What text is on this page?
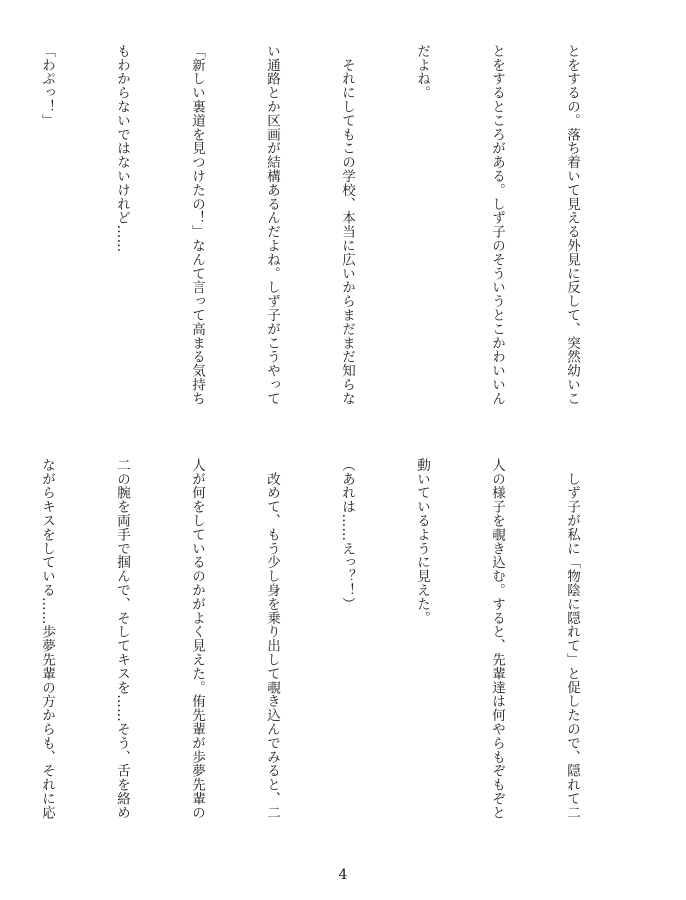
とをするの。落ち着いて見える外見に反して、突然幼いこ

とをするところがある。しず子のそういうとこかわいいん

だよね。

　それにしてもこの学校、本当に広いからまだまだ知らな

い通路とか区画が結構あるんだよね。しず子がこうやって

「新しい裏道を見つけたの！」なんて言って高まる気持ち

もわからないではないけれど……

「わぷっ！」

　しず子が私に「物陰に隠れて」と促したので、隠れて二

人の様子を覗き込む。すると、先輩達は何やらもぞもぞと

動いているように見えた。

（あれは……えっ？！）

　改めて、もう少し身を乗り出して覗き込んでみると、二

人が何をしているのかがよく見えた。侑先輩が歩夢先輩の

二の腕を両手で掴んで、そしてキスを……そう、舌を絡め

ながらキスをしている……歩夢先輩の方からも、それに応

4
